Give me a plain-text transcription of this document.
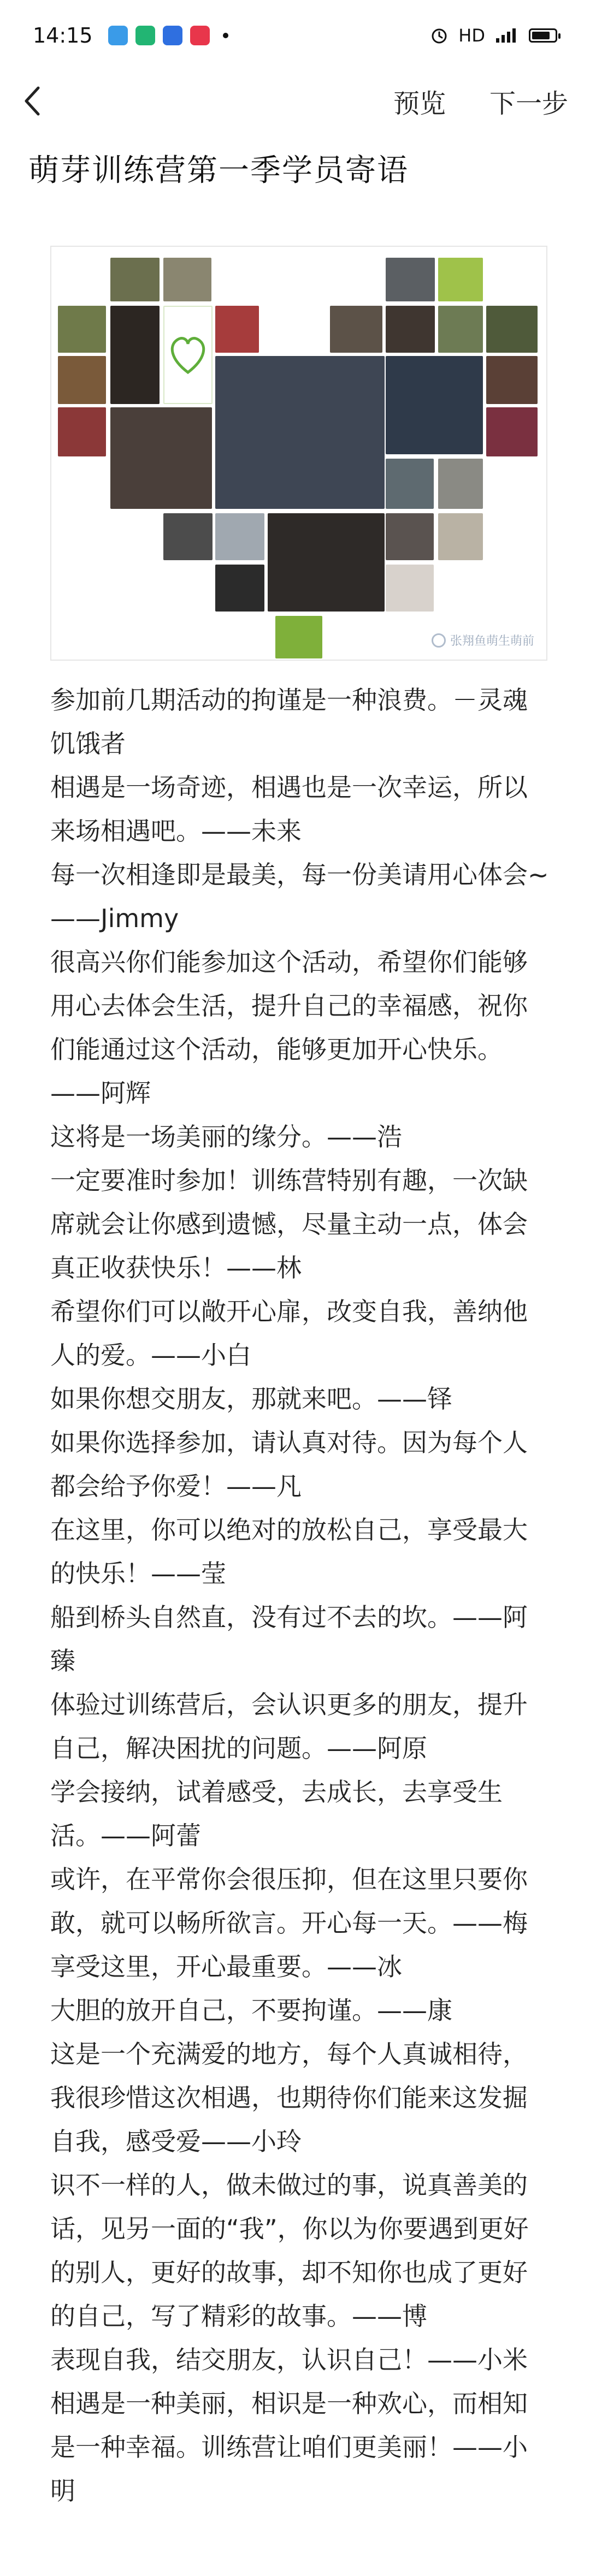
14:15	HD
预览 下一步
萌芽训练营第一季学员寄语
张翔鱼萌生萌前

参加前几期活动的拘谨是一种浪费。－灵魂饥饿者

相遇是一场奇迹，相遇也是一次幸运，所以来场相遇吧。——未来

每一次相逢即是最美，每一份美请用心体会~——Jimmy

很高兴你们能参加这个活动，希望你们能够用心去体会生活，提升自己的幸福感，祝你们能通过这个活动，能够更加开心快乐。——阿辉

这将是一场美丽的缘分。——浩

一定要准时参加！训练营特别有趣，一次缺席就会让你感到遗憾，尽量主动一点，体会真正收获快乐！——林

希望你们可以敞开心扉，改变自我，善纳他人的爱。——小白

如果你想交朋友，那就来吧。——铎

如果你选择参加，请认真对待。因为每个人都会给予你爱！——凡

在这里，你可以绝对的放松自己，享受最大的快乐！——莹

船到桥头自然直，没有过不去的坎。——阿臻

体验过训练营后，会认识更多的朋友，提升自己，解决困扰的问题。——阿原

学会接纳，试着感受，去成长，去享受生活。——阿蕾

或许，在平常你会很压抑，但在这里只要你敢，就可以畅所欲言。开心每一天。——梅

享受这里，开心最重要。——冰

大胆的放开自己，不要拘谨。——康

这是一个充满爱的地方，每个人真诚相待，我很珍惜这次相遇，也期待你们能来这发掘自我，感受爱——小玲

识不一样的人，做未做过的事，说真善美的话，见另一面的“我”，你以为你要遇到更好的别人，更好的故事，却不知你也成了更好的自己，写了精彩的故事。——博

表现自我，结交朋友，认识自己！——小米

相遇是一种美丽，相识是一种欢心，而相知是一种幸福。训练营让咱们更美丽！——小明
